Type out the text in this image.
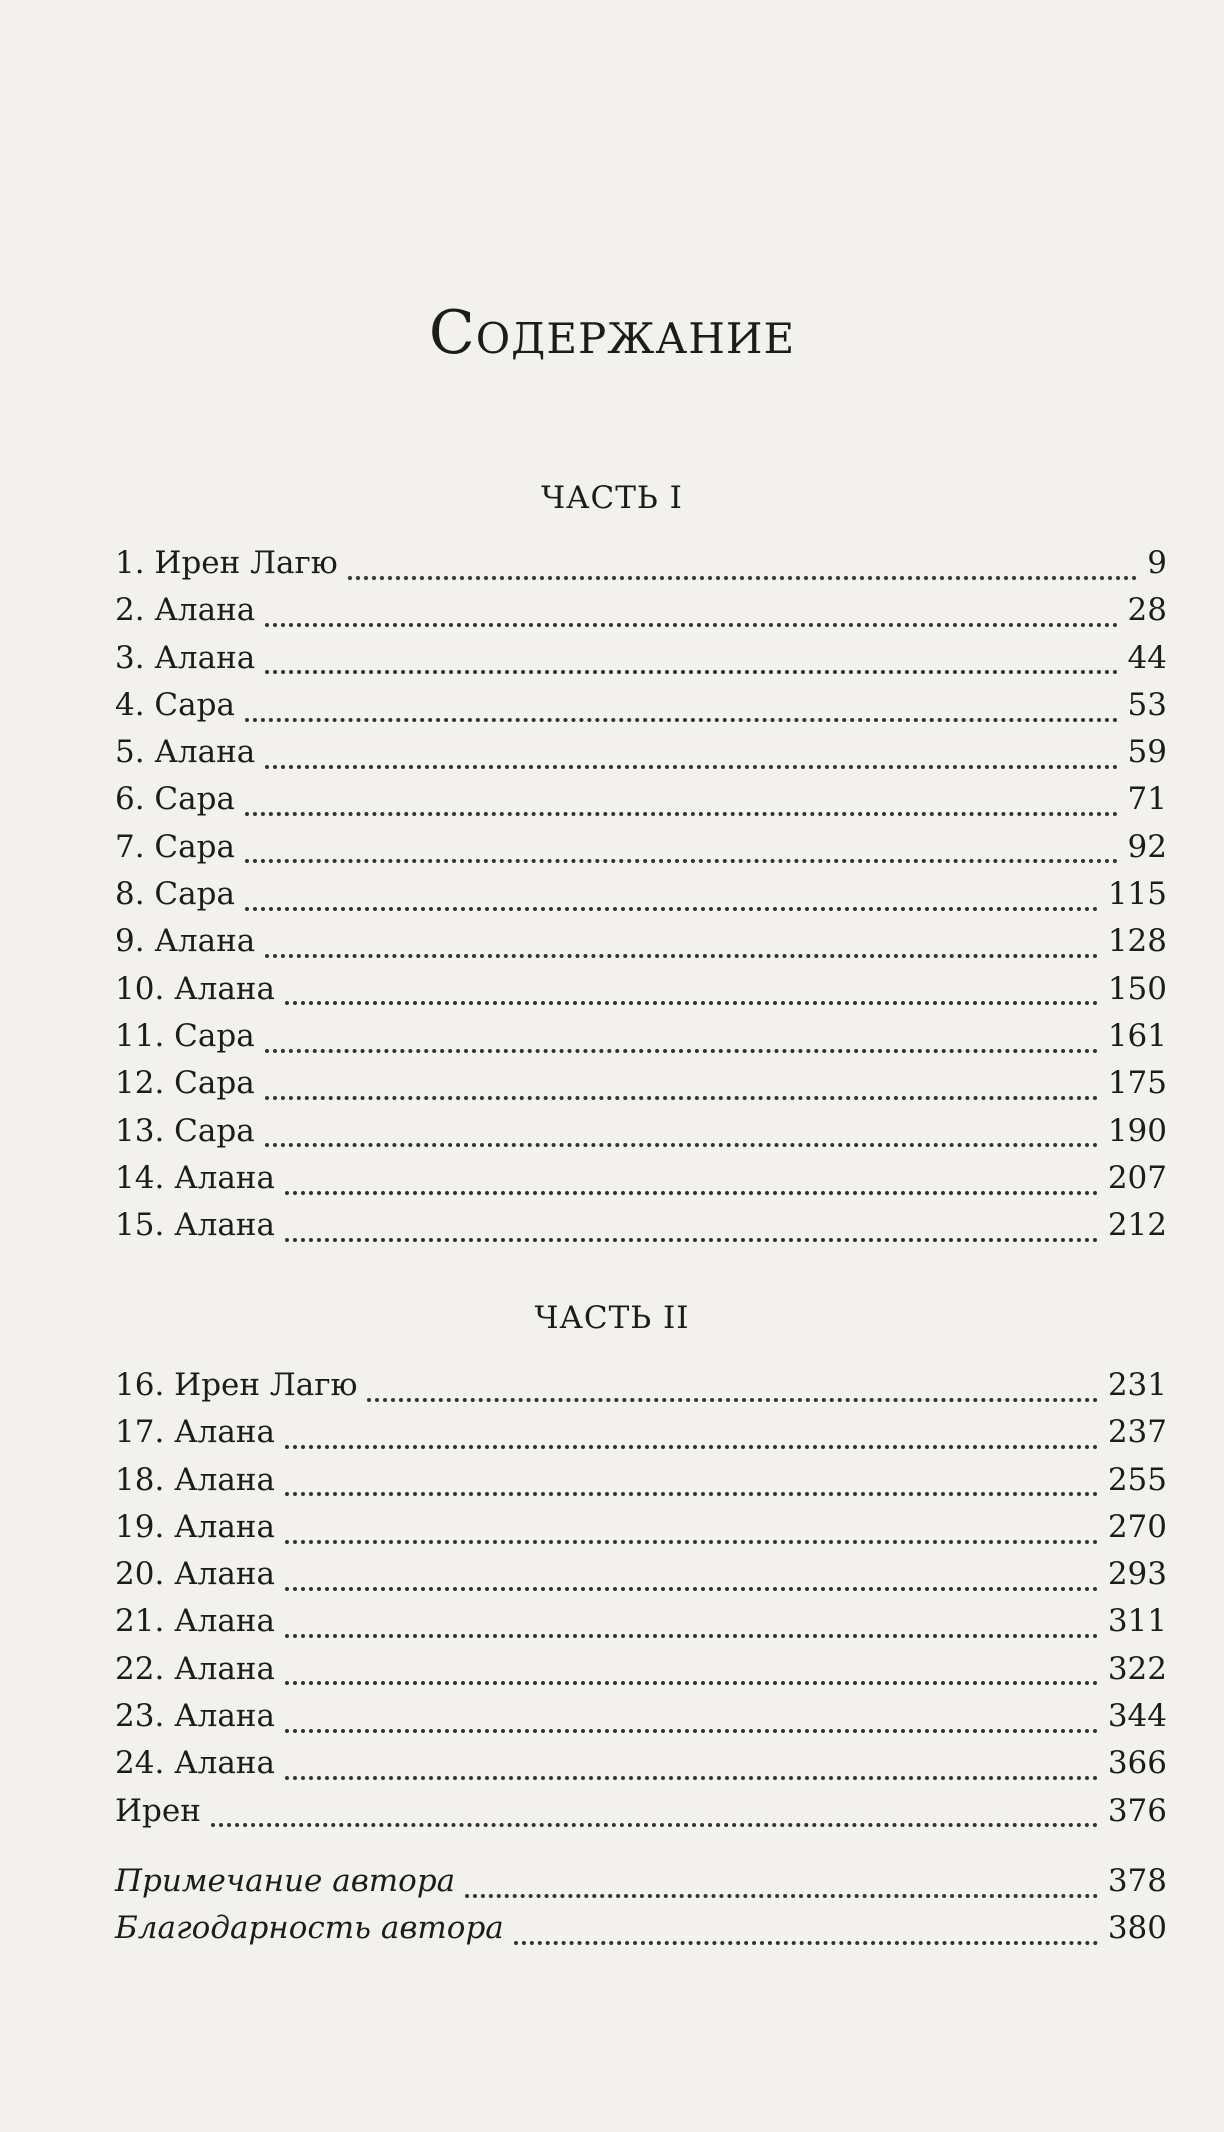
Содержание
ЧАСТЬ I
1. Ирен Лагю	9
2. Алана	28
3. Алана	44
4. Сара	53
5. Алана	59
6. Сара	71
7. Сара	92
8. Сара	115
9. Алана	128
10. Алана	150
11. Сара	161
12. Сара	175
13. Сара	190
14. Алана	207
15. Алана	212
ЧАСТЬ II
16. Ирен Лагю	231
17. Алана	237
18. Алана	255
19. Алана	270
20. Алана	293
21. Алана	311
22. Алана	322
23. Алана	344
24. Алана	366
Ирен	376
Примечание автора	378
Благодарность автора	380
